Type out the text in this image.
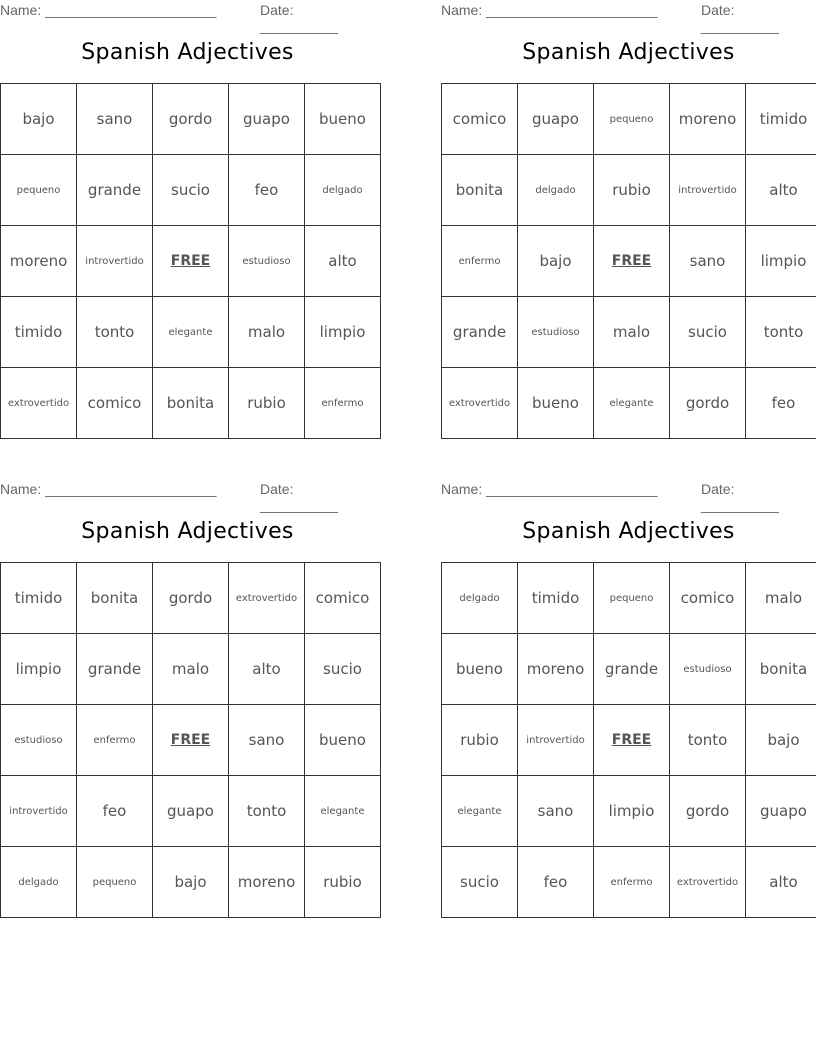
Name: ______________________	Date: __________
Spanish Adjectives
bajo	sano	gordo	guapo	bueno
pequeno	grande	sucio	feo	delgado
moreno	introvertido	FREE	estudioso	alto
timido	tonto	elegante	malo	limpio
extrovertido	comico	bonita	rubio	enfermo
Name: ______________________	Date: __________
Spanish Adjectives
comico	guapo	pequeno	moreno	timido
bonita	delgado	rubio	introvertido	alto
enfermo	bajo	FREE	sano	limpio
grande	estudioso	malo	sucio	tonto
extrovertido	bueno	elegante	gordo	feo
Name: ______________________	Date: __________
Spanish Adjectives
timido	bonita	gordo	extrovertido	comico
limpio	grande	malo	alto	sucio
estudioso	enfermo	FREE	sano	bueno
introvertido	feo	guapo	tonto	elegante
delgado	pequeno	bajo	moreno	rubio
Name: ______________________	Date: __________
Spanish Adjectives
delgado	timido	pequeno	comico	malo
bueno	moreno	grande	estudioso	bonita
rubio	introvertido	FREE	tonto	bajo
elegante	sano	limpio	gordo	guapo
sucio	feo	enfermo	extrovertido	alto
